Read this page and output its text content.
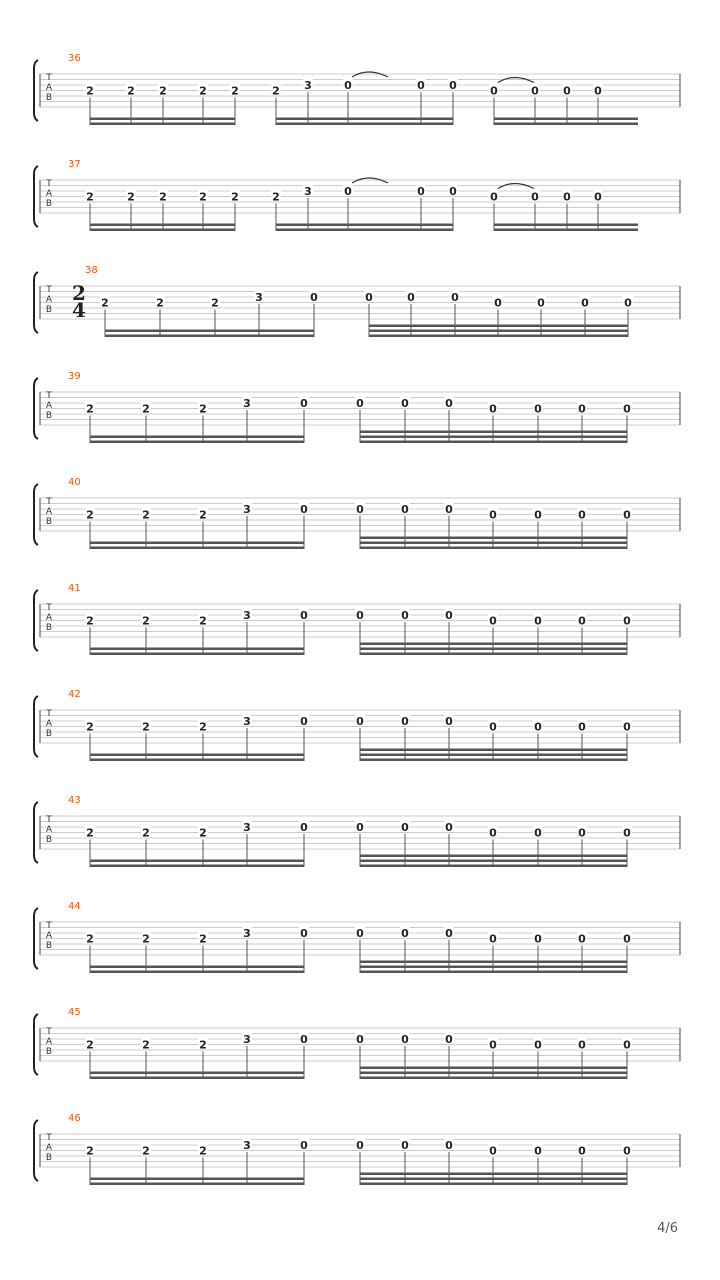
T
A
B
36
2	2 2	2 2	2 3	0	0 0	0	0 0 0
T
A
B
37
2	2 2	2 2	2 3	0	0 0	0	0 0 0
T
A
B
38
2
4 2	2	2	3	0	0	0	0	0	0	0	0
T
A
B
39
2	2	2	3	0	0	0	0	0	0	0	0
T
A
B
40
2	2	2	3	0	0	0	0	0	0	0	0
T
A
B
41
2	2	2	3	0	0	0	0	0	0	0	0
T
A
B
42
2	2	2	3	0	0	0	0	0	0	0	0
T
A
B
43
2	2	2	3	0	0	0	0	0	0	0	0
T
A
B
44
2	2	2	3	0	0	0	0	0	0	0	0
T
A
B
45
2	2	2	3	0	0	0	0	0	0	0	0
T
A
B
46
2	2	2	3	0	0	0	0	0	0	0	0
4/6
